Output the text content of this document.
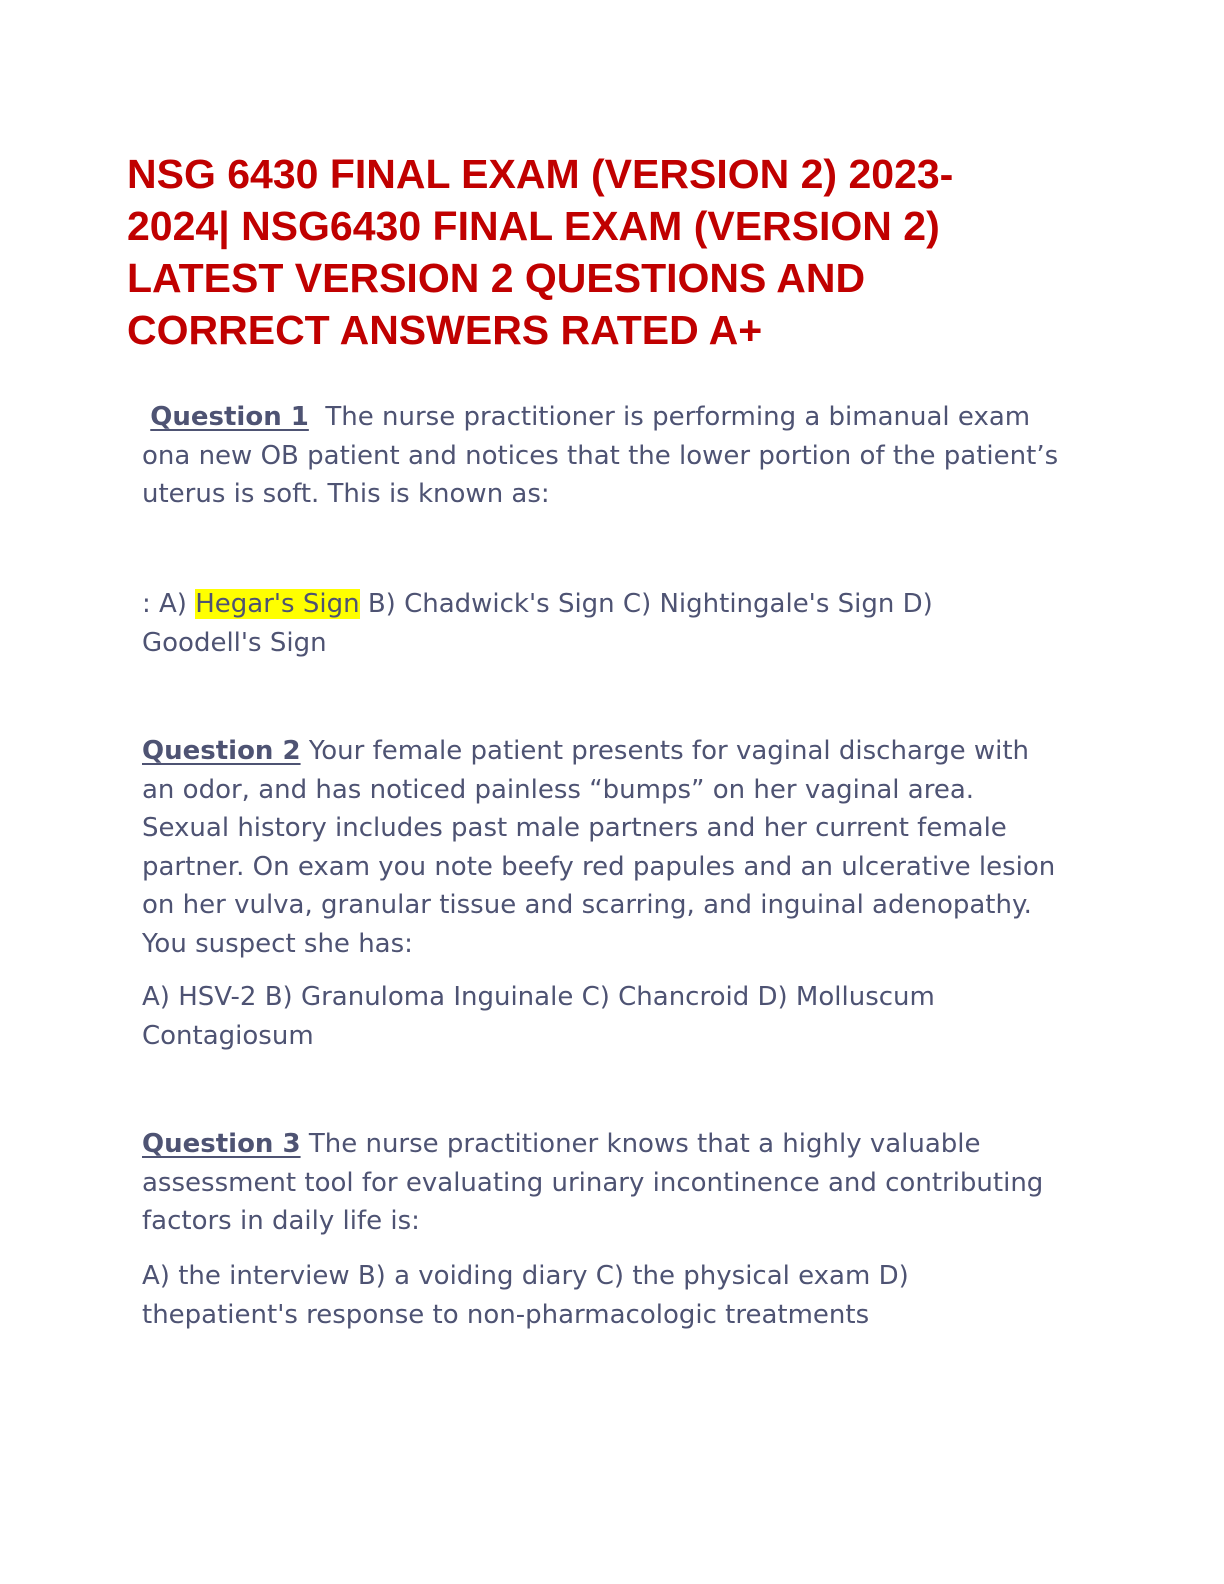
NSG 6430 FINAL EXAM (VERSION 2) 2023-
2024| NSG6430 FINAL EXAM (VERSION 2)
LATEST VERSION 2 QUESTIONS AND
CORRECT ANSWERS RATED A+
Question 1 The nurse practitioner is performing a bimanual exam
ona new OB patient and notices that the lower portion of the patient’s
uterus is soft. This is known as:
: A) Hegar's Sign B) Chadwick's Sign C) Nightingale's Sign D)
Goodell's Sign
Question 2 Your female patient presents for vaginal discharge with
an odor, and has noticed painless “bumps” on her vaginal area.
Sexual history includes past male partners and her current female
partner. On exam you note beefy red papules and an ulcerative lesion
on her vulva, granular tissue and scarring, and inguinal adenopathy.
You suspect she has:
A) HSV-2 B) Granuloma Inguinale C) Chancroid D) Molluscum
Contagiosum
Question 3 The nurse practitioner knows that a highly valuable
assessment tool for evaluating urinary incontinence and contributing
factors in daily life is:
A) the interview B) a voiding diary C) the physical exam D)
thepatient's response to non-pharmacologic treatments
